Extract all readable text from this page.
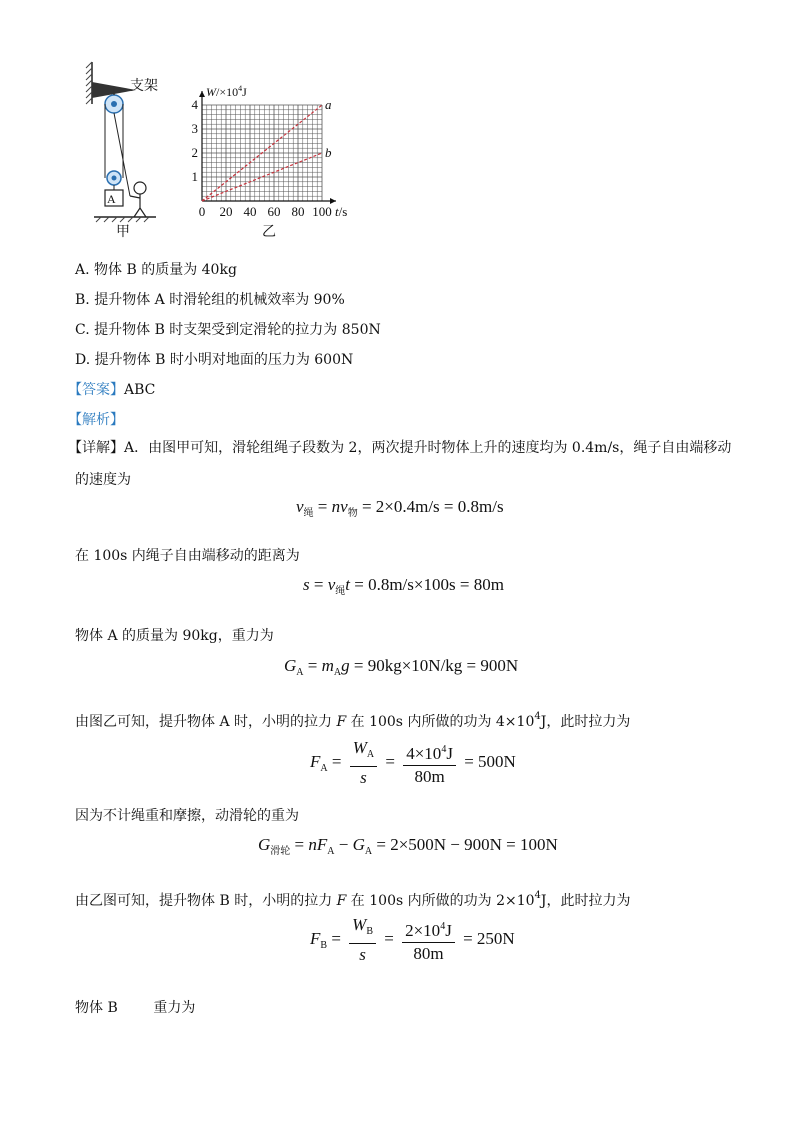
支架
A
甲
a
b
0 20 40 60 80 100
1
2
3
4
$W/\times 10^4J$
t/s
乙
A. 物体 B 的质量为 40kg
B. 提升物体 A 时滑轮组的机械效率为 90%
C. 提升物体 B 时支架受到定滑轮的拉力为 850N
D. 提升物体 B 时小明对地面的压力为 600N
【答案】ABC
【解析】
【详解】A．由图甲可知，滑轮组绳子段数为 2，两次提升时物体上升的速度均为 0.4m/s，绳子自由端移动
的速度为
$v_绳 = nv_物 = 2\times 0.4m/s = 0.8m/s$
在 100s 内绳子自由端移动的距离为
$s = v_绳t = 0.8m/s\times 100s = 80m$
物体 A 的质量为 90kg，重力为
$G_A = m_Ag = 90kg\times 10N/kg = 900N$
由图乙可知，提升物体 A 时，小明的拉力 F 在 100s 内所做的功为 $4\times 10^4J$，此时拉力为
$F_A = \frac{W_A}{s} = \frac{4\times 10^4J}{80m} = 500N$
因为不计绳重和摩擦，动滑轮的重为
$G_{滑轮} = nF_A - G_A = 2\times 500N - 900N = 100N$
由乙图可知，提升物体 B 时，小明的拉力 F 在 100s 内所做的功为 $2\times 10^4J$，此时拉力为
$F_B = \frac{W_B}{s} = \frac{2\times 10^4J}{80m} = 250N$
物体 B        重力为
